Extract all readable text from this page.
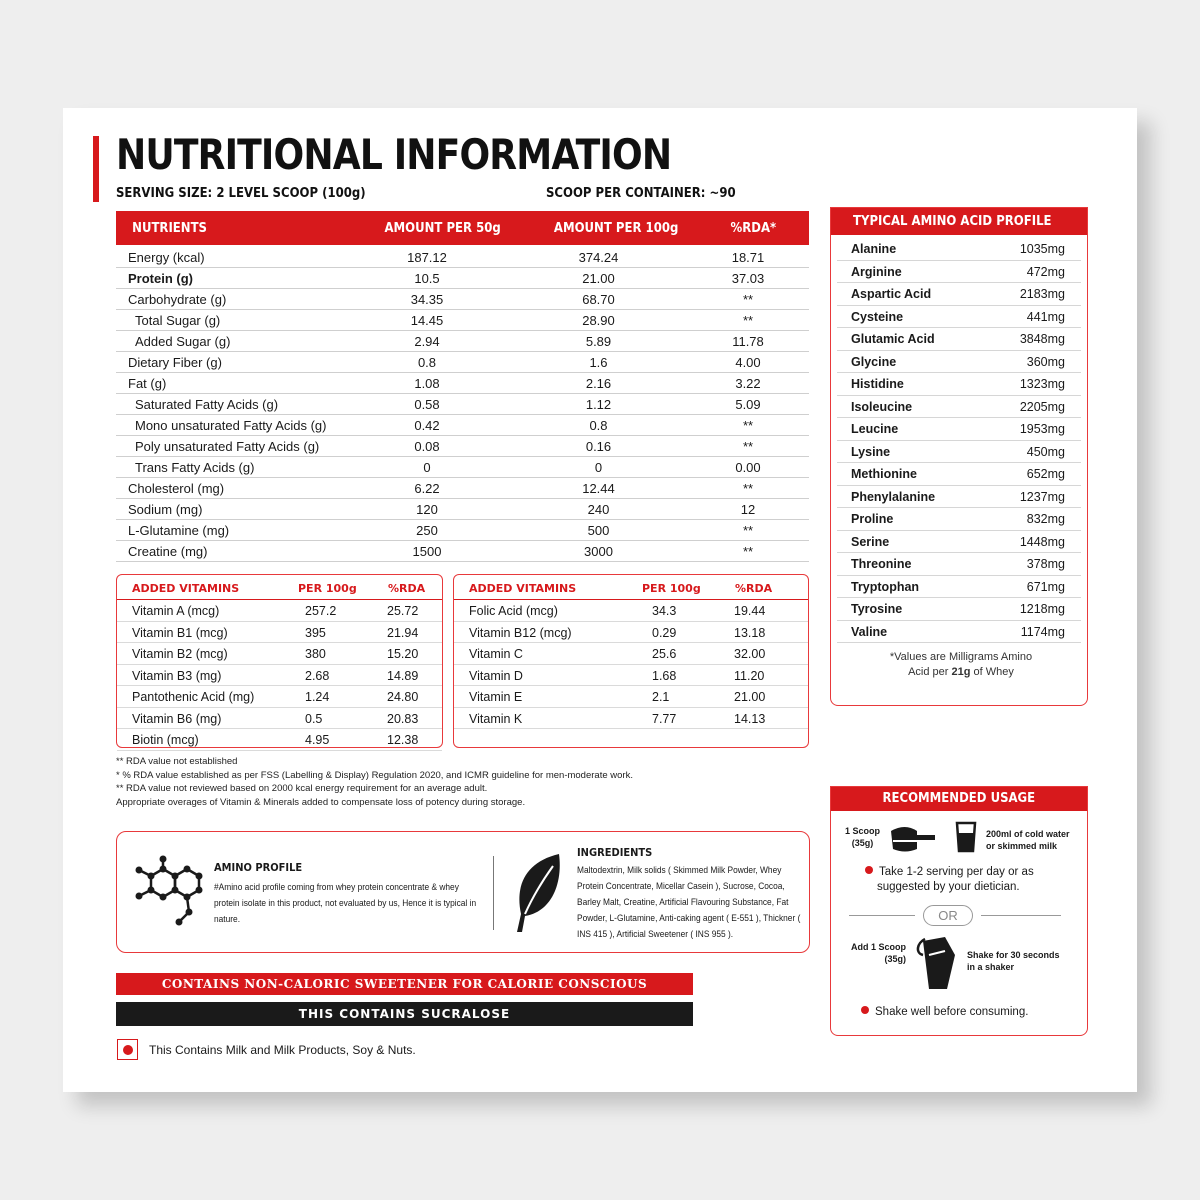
NUTRITIONAL INFORMATION
SERVING SIZE: 2 LEVEL SCOOP (100g)	SCOOP PER CONTAINER: ~90
NUTRIENTS	AMOUNT PER 50g	AMOUNT PER 100g	%RDA*
Energy (kcal)	187.12	374.24	18.71
Protein (g)	10.5	21.00	37.03
Carbohydrate (g)	34.35	68.70	**
Total Sugar (g)	14.45	28.90	**
Added Sugar (g)	2.94	5.89	11.78
Dietary Fiber (g)	0.8	1.6	4.00
Fat (g)	1.08	2.16	3.22
Saturated Fatty Acids (g)	0.58	1.12	5.09
Mono unsaturated Fatty Acids (g)	0.42	0.8	**
Poly unsaturated Fatty Acids (g)	0.08	0.16	**
Trans Fatty Acids (g)	0	0	0.00
Cholesterol (mg)	6.22	12.44	**
Sodium (mg)	120	240	12
L-Glutamine (mg)	250	500	**
Creatine (mg)	1500	3000	**
ADDED VITAMINS	PER 100g	%RDA
Vitamin A (mcg)	257.2	25.72
Vitamin B1 (mcg)	395	21.94
Vitamin B2 (mcg)	380	15.20
Vitamin B3 (mg)	2.68	14.89
Pantothenic Acid (mg)	1.24	24.80
Vitamin B6 (mg)	0.5	20.83
Biotin (mcg)	4.95	12.38
ADDED VITAMINS	PER 100g	%RDA
Folic Acid (mcg)	34.3	19.44
Vitamin B12 (mcg)	0.29	13.18
Vitamin C	25.6	32.00
Vitamin D	1.68	11.20
Vitamin E	2.1	21.00
Vitamin K	7.77	14.13
TYPICAL AMINO ACID PROFILE
Alanine	1035mg
Arginine	472mg
Aspartic Acid	2183mg
Cysteine	441mg
Glutamic Acid	3848mg
Glycine	360mg
Histidine	1323mg
Isoleucine	2205mg
Leucine	1953mg
Lysine	450mg
Methionine	652mg
Phenylalanine	1237mg
Proline	832mg
Serine	1448mg
Threonine	378mg
Tryptophan	671mg
Tyrosine	1218mg
Valine	1174mg
*Values are Milligrams Amino
Acid per 21g of Whey
** RDA value not established
* % RDA value established as per FSS (Labelling & Display) Regulation 2020, and ICMR guideline for men-moderate work.
** RDA value not reviewed based on 2000 kcal energy requirement for an average adult.
Appropriate overages of Vitamin & Minerals added to compensate loss of potency during storage.
AMINO PROFILE
#Amino acid profile coming from whey protein concentrate & whey protein isolate in this product, not evaluated by us, Hence it is typical in nature.
INGREDIENTS
Maltodextrin, Milk solids ( Skimmed Milk Powder, Whey Protein Concentrate, Micellar Casein ), Sucrose, Cocoa, Barley Malt, Creatine, Artificial Flavouring Substance, Fat Powder, L-Glutamine, Anti-caking agent ( E-551 ), Thickner ( INS 415 ), Artificial Sweetener ( INS 955 ).
CONTAINS NON-CALORIC SWEETENER FOR CALORIE CONSCIOUS
THIS CONTAINS SUCRALOSE
This Contains Milk and Milk Products, Soy & Nuts.
RECOMMENDED USAGE
1 Scoop
(35g)
200ml of cold water
or skimmed milk
Take 1-2 serving per day or as
suggested by your dietician.
OR
Add 1 Scoop
(35g)	Shake for 30 seconds
in a shaker
Shake well before consuming.
